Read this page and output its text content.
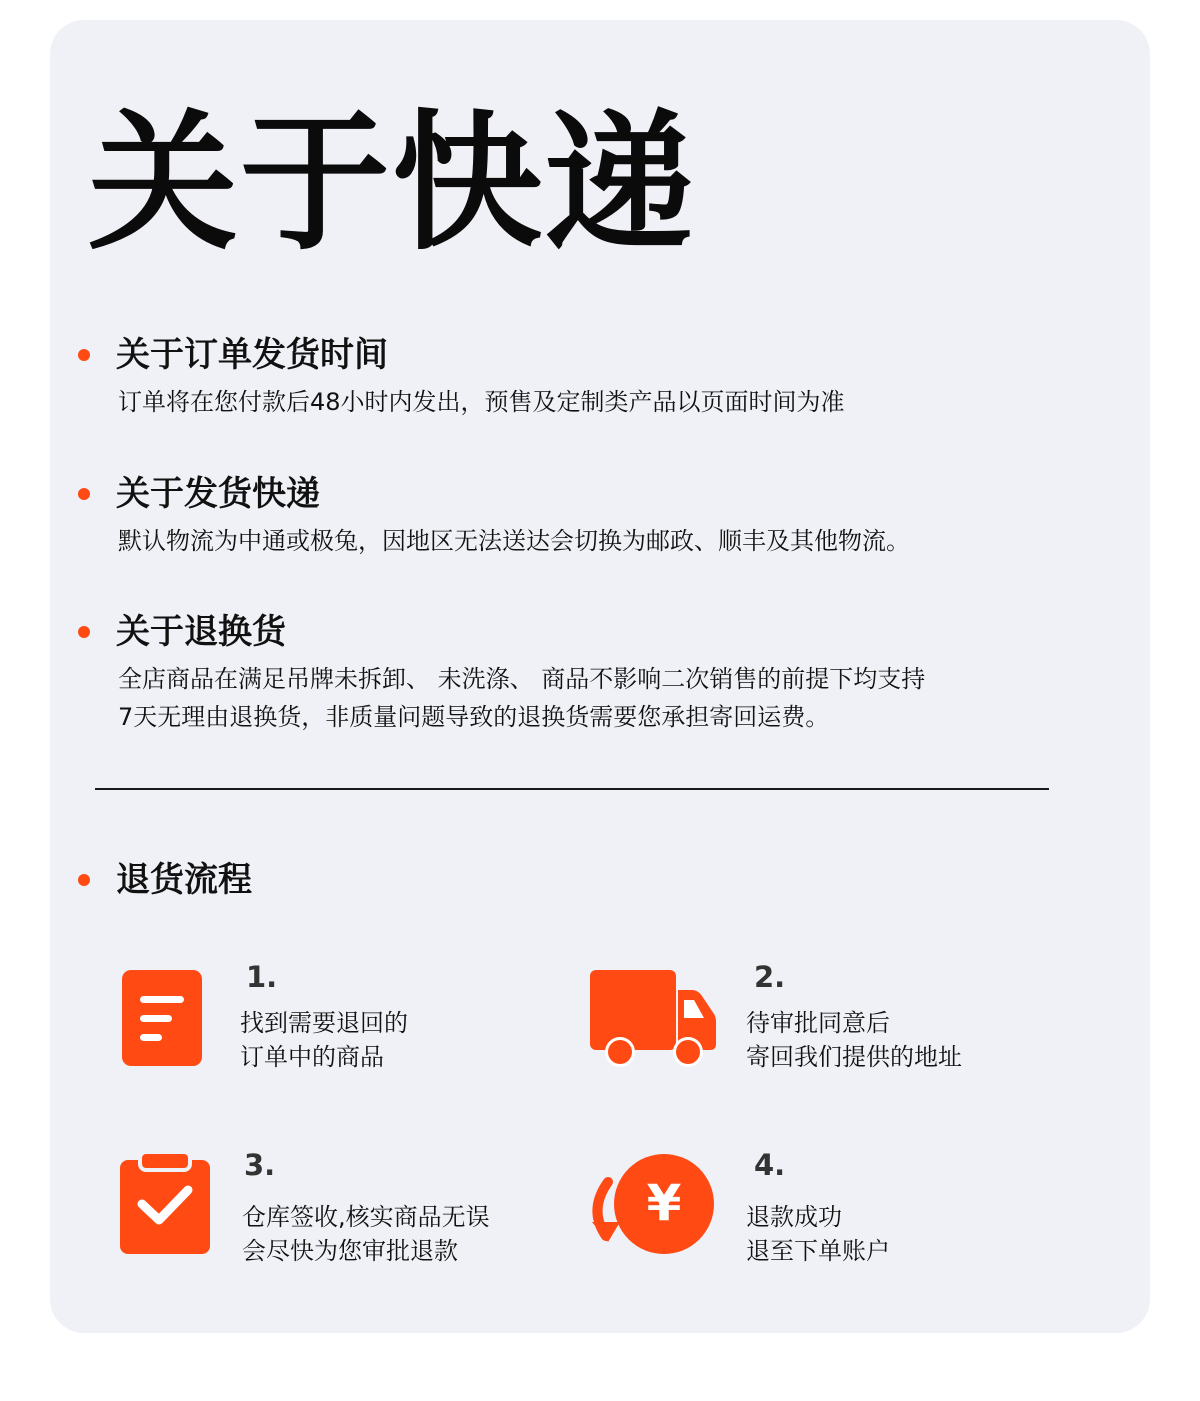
关于快递
关于订单发货时间
订单将在您付款后48小时内发出，预售及定制类产品以页面时间为准
关于发货快递
默认物流为中通或极兔，因地区无法送达会切换为邮政、顺丰及其他物流。
关于退换货
全店商品在满足吊牌未拆卸、 未洗涤、 商品不影响二次销售的前提下均支持
7天无理由退换货，非质量问题导致的退换货需要您承担寄回运费。
退货流程
1.
找到需要退回的
订单中的商品
2.
待审批同意后
寄回我们提供的地址
3.
仓库签收,核实商品无误
会尽快为您审批退款
¥
4.
退款成功
退至下单账户
